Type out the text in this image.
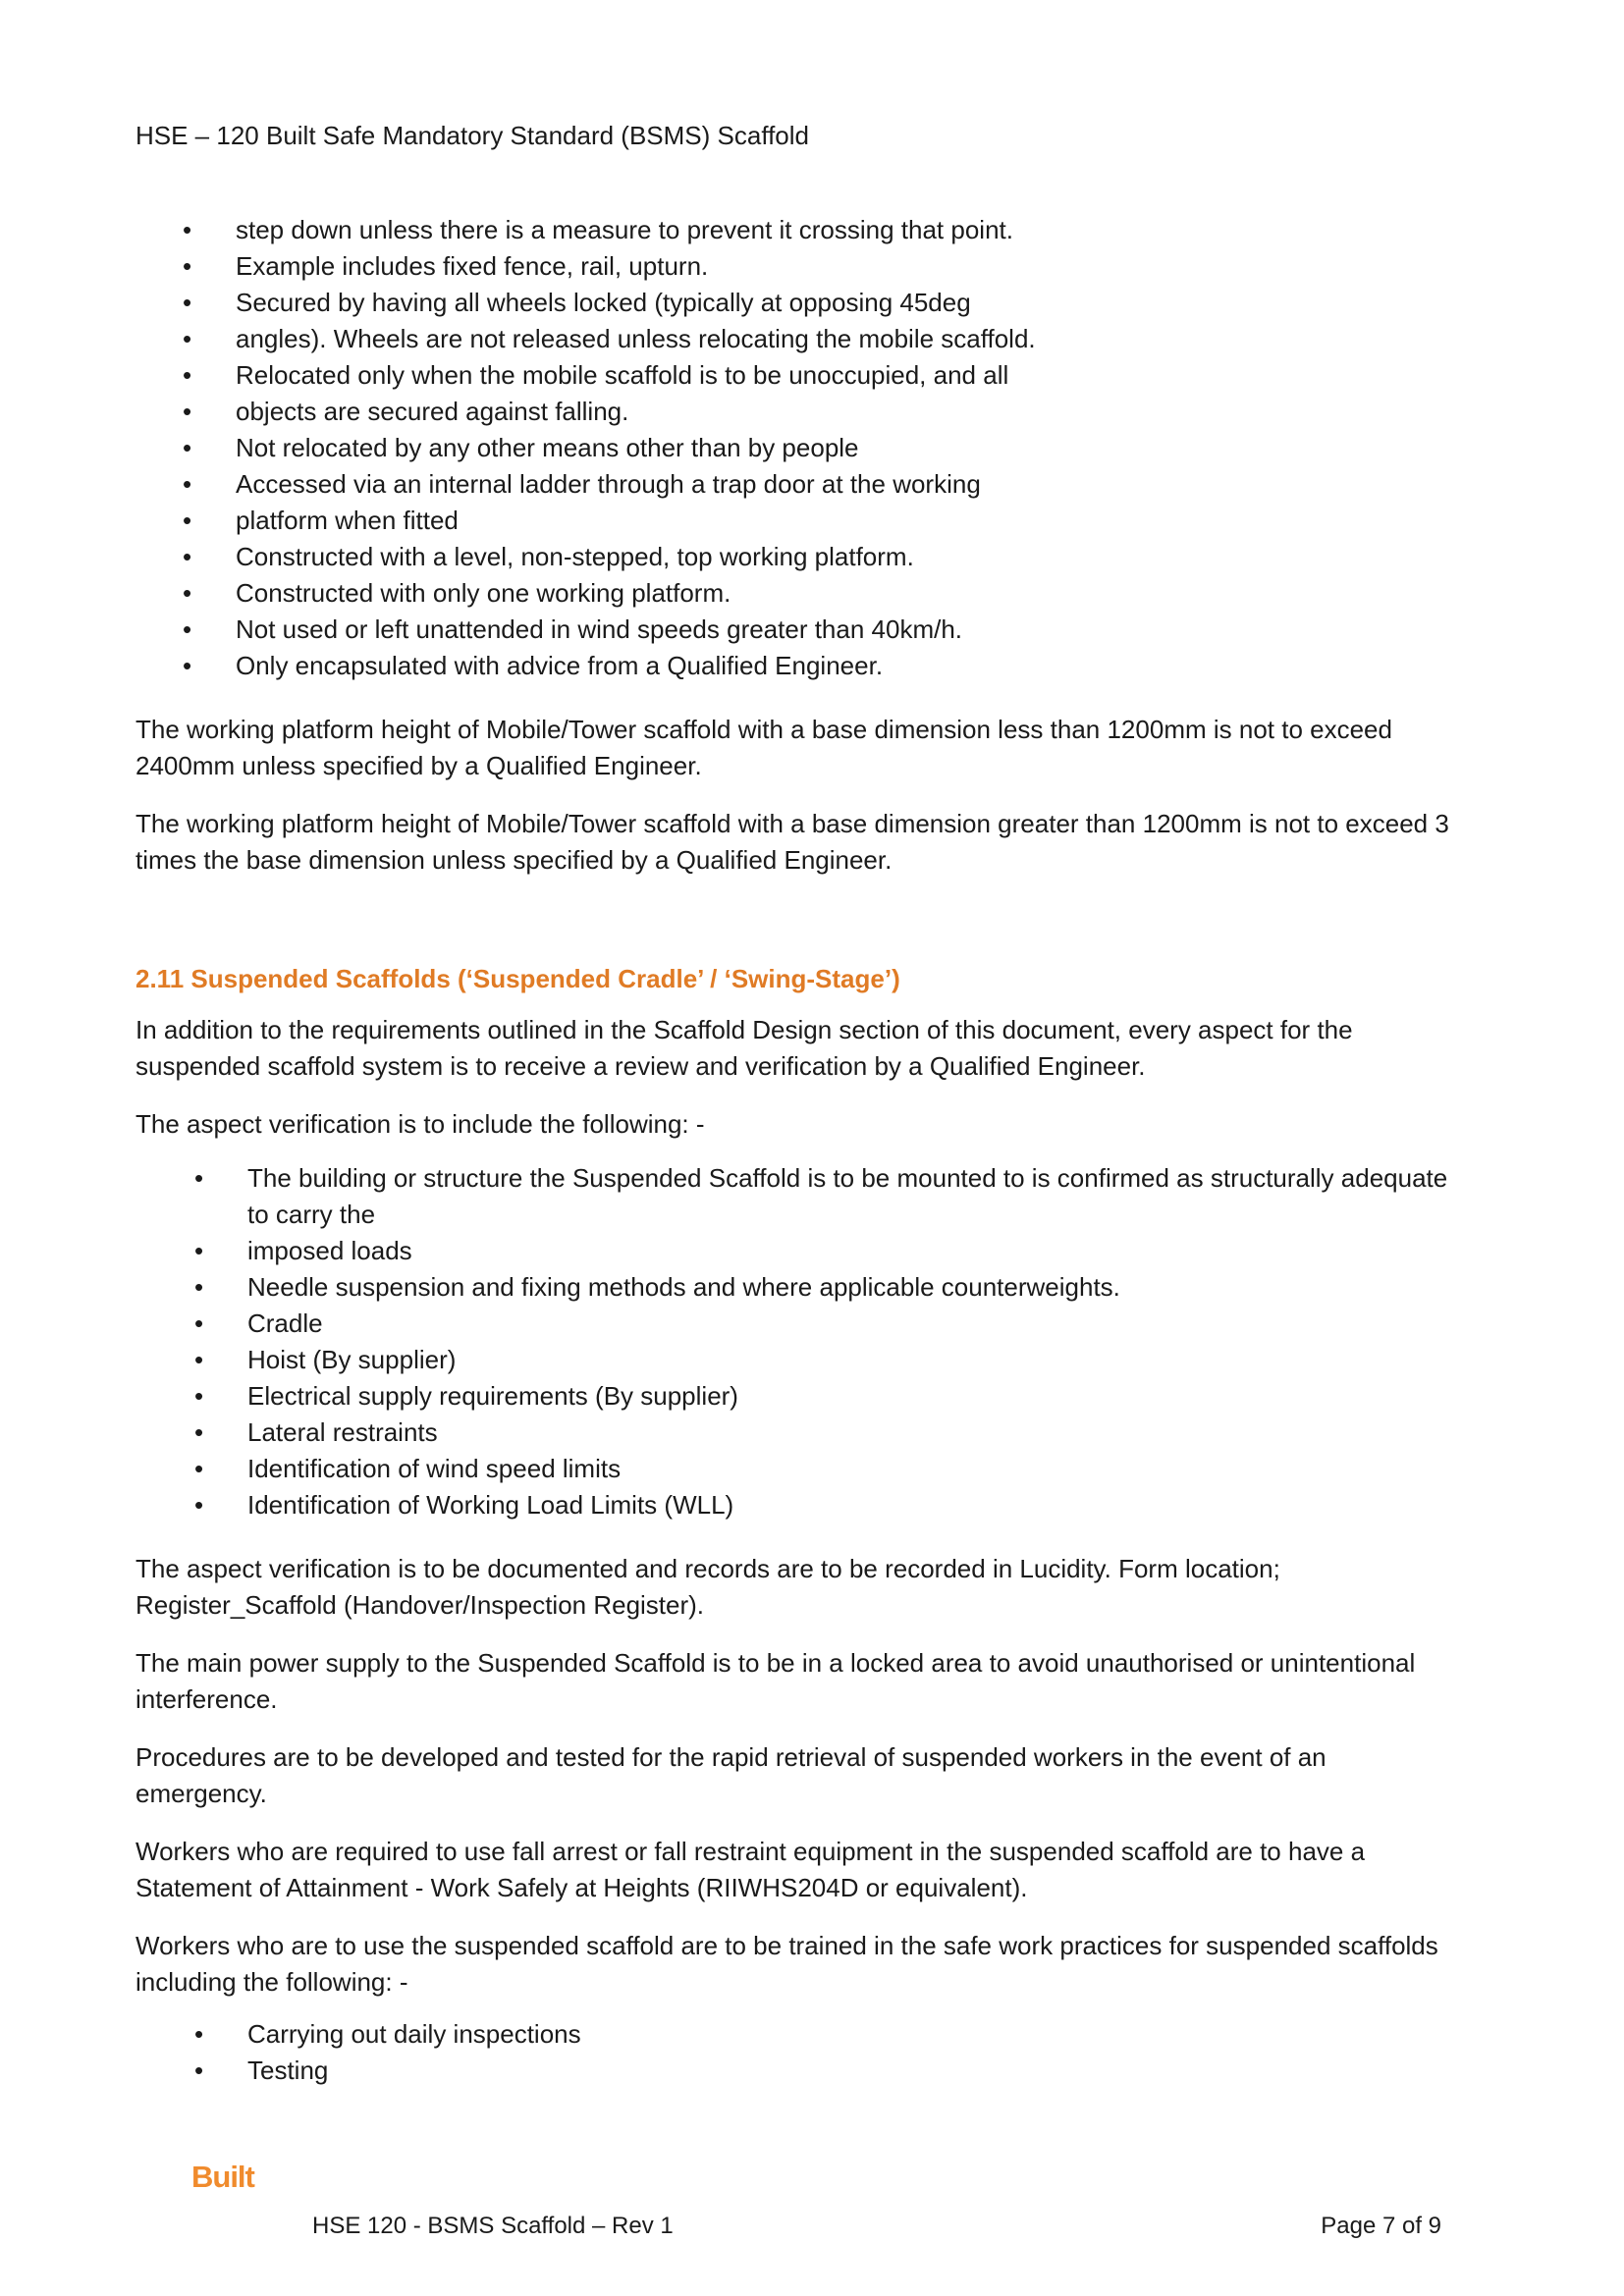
HSE – 120 Built Safe Mandatory Standard (BSMS) Scaffold
• step down unless there is a measure to prevent it crossing that point.
• Example includes fixed fence, rail, upturn.
• Secured by having all wheels locked (typically at opposing 45deg
• angles). Wheels are not released unless relocating the mobile scaffold.
• Relocated only when the mobile scaffold is to be unoccupied, and all
• objects are secured against falling.
• Not relocated by any other means other than by people
• Accessed via an internal ladder through a trap door at the working
• platform when fitted
• Constructed with a level, non-stepped, top working platform.
• Constructed with only one working platform.
• Not used or left unattended in wind speeds greater than 40km/h.
• Only encapsulated with advice from a Qualified Engineer.

The working platform height of Mobile/Tower scaffold with a base dimension less than 1200mm is not to exceed 2400mm unless specified by a Qualified Engineer.

The working platform height of Mobile/Tower scaffold with a base dimension greater than 1200mm is not to exceed 3 times the base dimension unless specified by a Qualified Engineer.

2.11 Suspended Scaffolds (‘Suspended Cradle’ / ‘Swing-Stage’)

In addition to the requirements outlined in the Scaffold Design section of this document, every aspect for the suspended scaffold system is to receive a review and verification by a Qualified Engineer.

The aspect verification is to include the following: -

• The building or structure the Suspended Scaffold is to be mounted to is confirmed as structurally adequate to carry the
• imposed loads
• Needle suspension and fixing methods and where applicable counterweights.
• Cradle
• Hoist (By supplier)
• Electrical supply requirements (By supplier)
• Lateral restraints
• Identification of wind speed limits
• Identification of Working Load Limits (WLL)

The aspect verification is to be documented and records are to be recorded in Lucidity. Form location; Register_Scaffold (Handover/Inspection Register).

The main power supply to the Suspended Scaffold is to be in a locked area to avoid unauthorised or unintentional interference.

Procedures are to be developed and tested for the rapid retrieval of suspended workers in the event of an emergency.

Workers who are required to use fall arrest or fall restraint equipment in the suspended scaffold are to have a Statement of Attainment - Work Safely at Heights (RIIWHS204D or equivalent).

Workers who are to use the suspended scaffold are to be trained in the safe work practices for suspended scaffolds including the following: -

• Carrying out daily inspections
• Testing
Built
HSE 120 - BSMS Scaffold – Rev 1	Page 7 of 9
